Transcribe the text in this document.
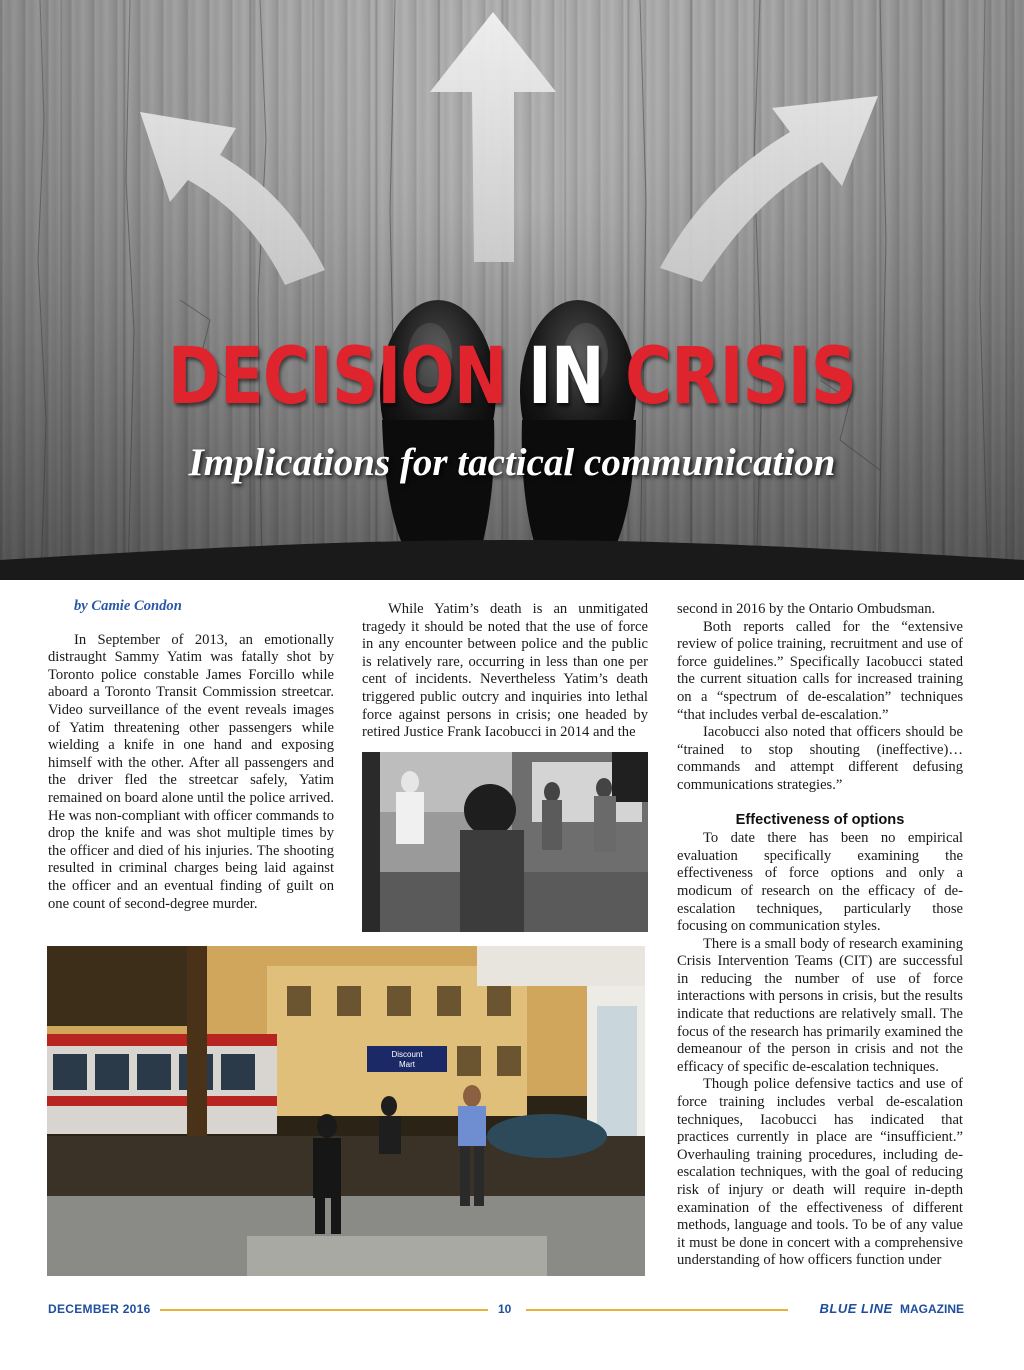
DECISION IN CRISIS
Implications for tactical communication

by Camie Condon

In September of 2013, an emotionally distraught Sammy Yatim was fatally shot by Toronto police constable James Forcillo while aboard a Toronto Transit Commission streetcar. Video surveillance of the event reveals images of Yatim threatening other passengers while wielding a knife in one hand and exposing himself with the other. After all passengers and the driver fled the streetcar safely, Yatim remained on board alone until the police arrived. He was non-compliant with officer commands to drop the knife and was shot multiple times by the officer and died of his injuries. The shooting resulted in criminal charges being laid against the officer and an eventual finding of guilt on one count of second-degree murder.

While Yatim’s death is an unmitigated tragedy it should be noted that the use of force in any encounter between police and the public is relatively rare, occurring in less than one per cent of incidents. Nevertheless Yatim’s death triggered public outcry and inquiries into lethal force against persons in crisis; one headed by retired Justice Frank Iacobucci in 2014 and the

Discount
Mart

second in 2016 by the Ontario Ombudsman.

Both reports called for the “extensive review of police training, recruitment and use of force guidelines.” Specifically Iacobucci stated the current situation calls for increased training on a “spectrum of de-escalation” techniques “that includes verbal de-escalation.”

Iacobucci also noted that officers should be “trained to stop shouting (ineffective)… commands and attempt different defusing communications strategies.”

Effectiveness of options

To date there has been no empirical evaluation specifically examining the effectiveness of force options and only a modicum of research on the efficacy of de-escalation techniques, particularly those focusing on communication styles.

There is a small body of research examining Crisis Intervention Teams (CIT) are successful in reducing the number of use of force interactions with persons in crisis, but the results indicate that reductions are relatively small. The focus of the research has primarily examined the demeanour of the person in crisis and not the efficacy of specific de-escalation techniques.

Though police defensive tactics and use of force training includes verbal de-escalation techniques, Iacobucci has indicated that practices currently in place are “insufficient.” Overhauling training procedures, including de-escalation techniques, with the goal of reducing risk of injury or death will require in-depth examination of the effectiveness of different methods, language and tools. To be of any value it must be done in concert with a comprehensive understanding of how officers function under

DECEMBER 2016	10	BLUE LINE MAGAZINE
